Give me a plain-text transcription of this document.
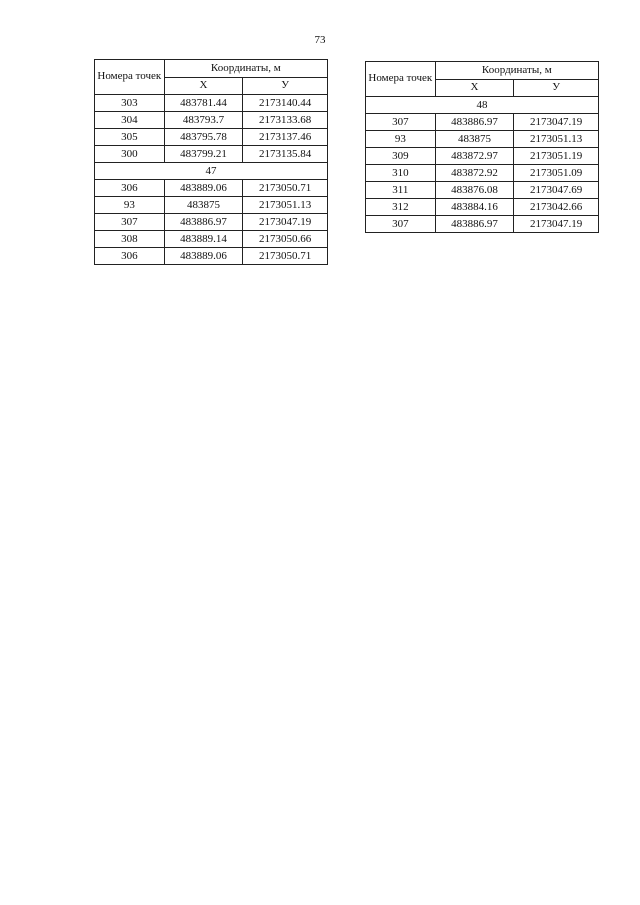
73
Номера точек	Координаты, м	
	X	У
303	483781.44	2173140.44
304	483793.7	2173133.68
305	483795.78	2173137.46
300	483799.21	2173135.84
47		
306	483889.06	2173050.71
93	483875	2173051.13
307	483886.97	2173047.19
308	483889.14	2173050.66
306	483889.06	2173050.71
Номера точек	Координаты, м	
	X	У
48		
307	483886.97	2173047.19
93	483875	2173051.13
309	483872.97	2173051.19
310	483872.92	2173051.09
311	483876.08	2173047.69
312	483884.16	2173042.66
307	483886.97	2173047.19
